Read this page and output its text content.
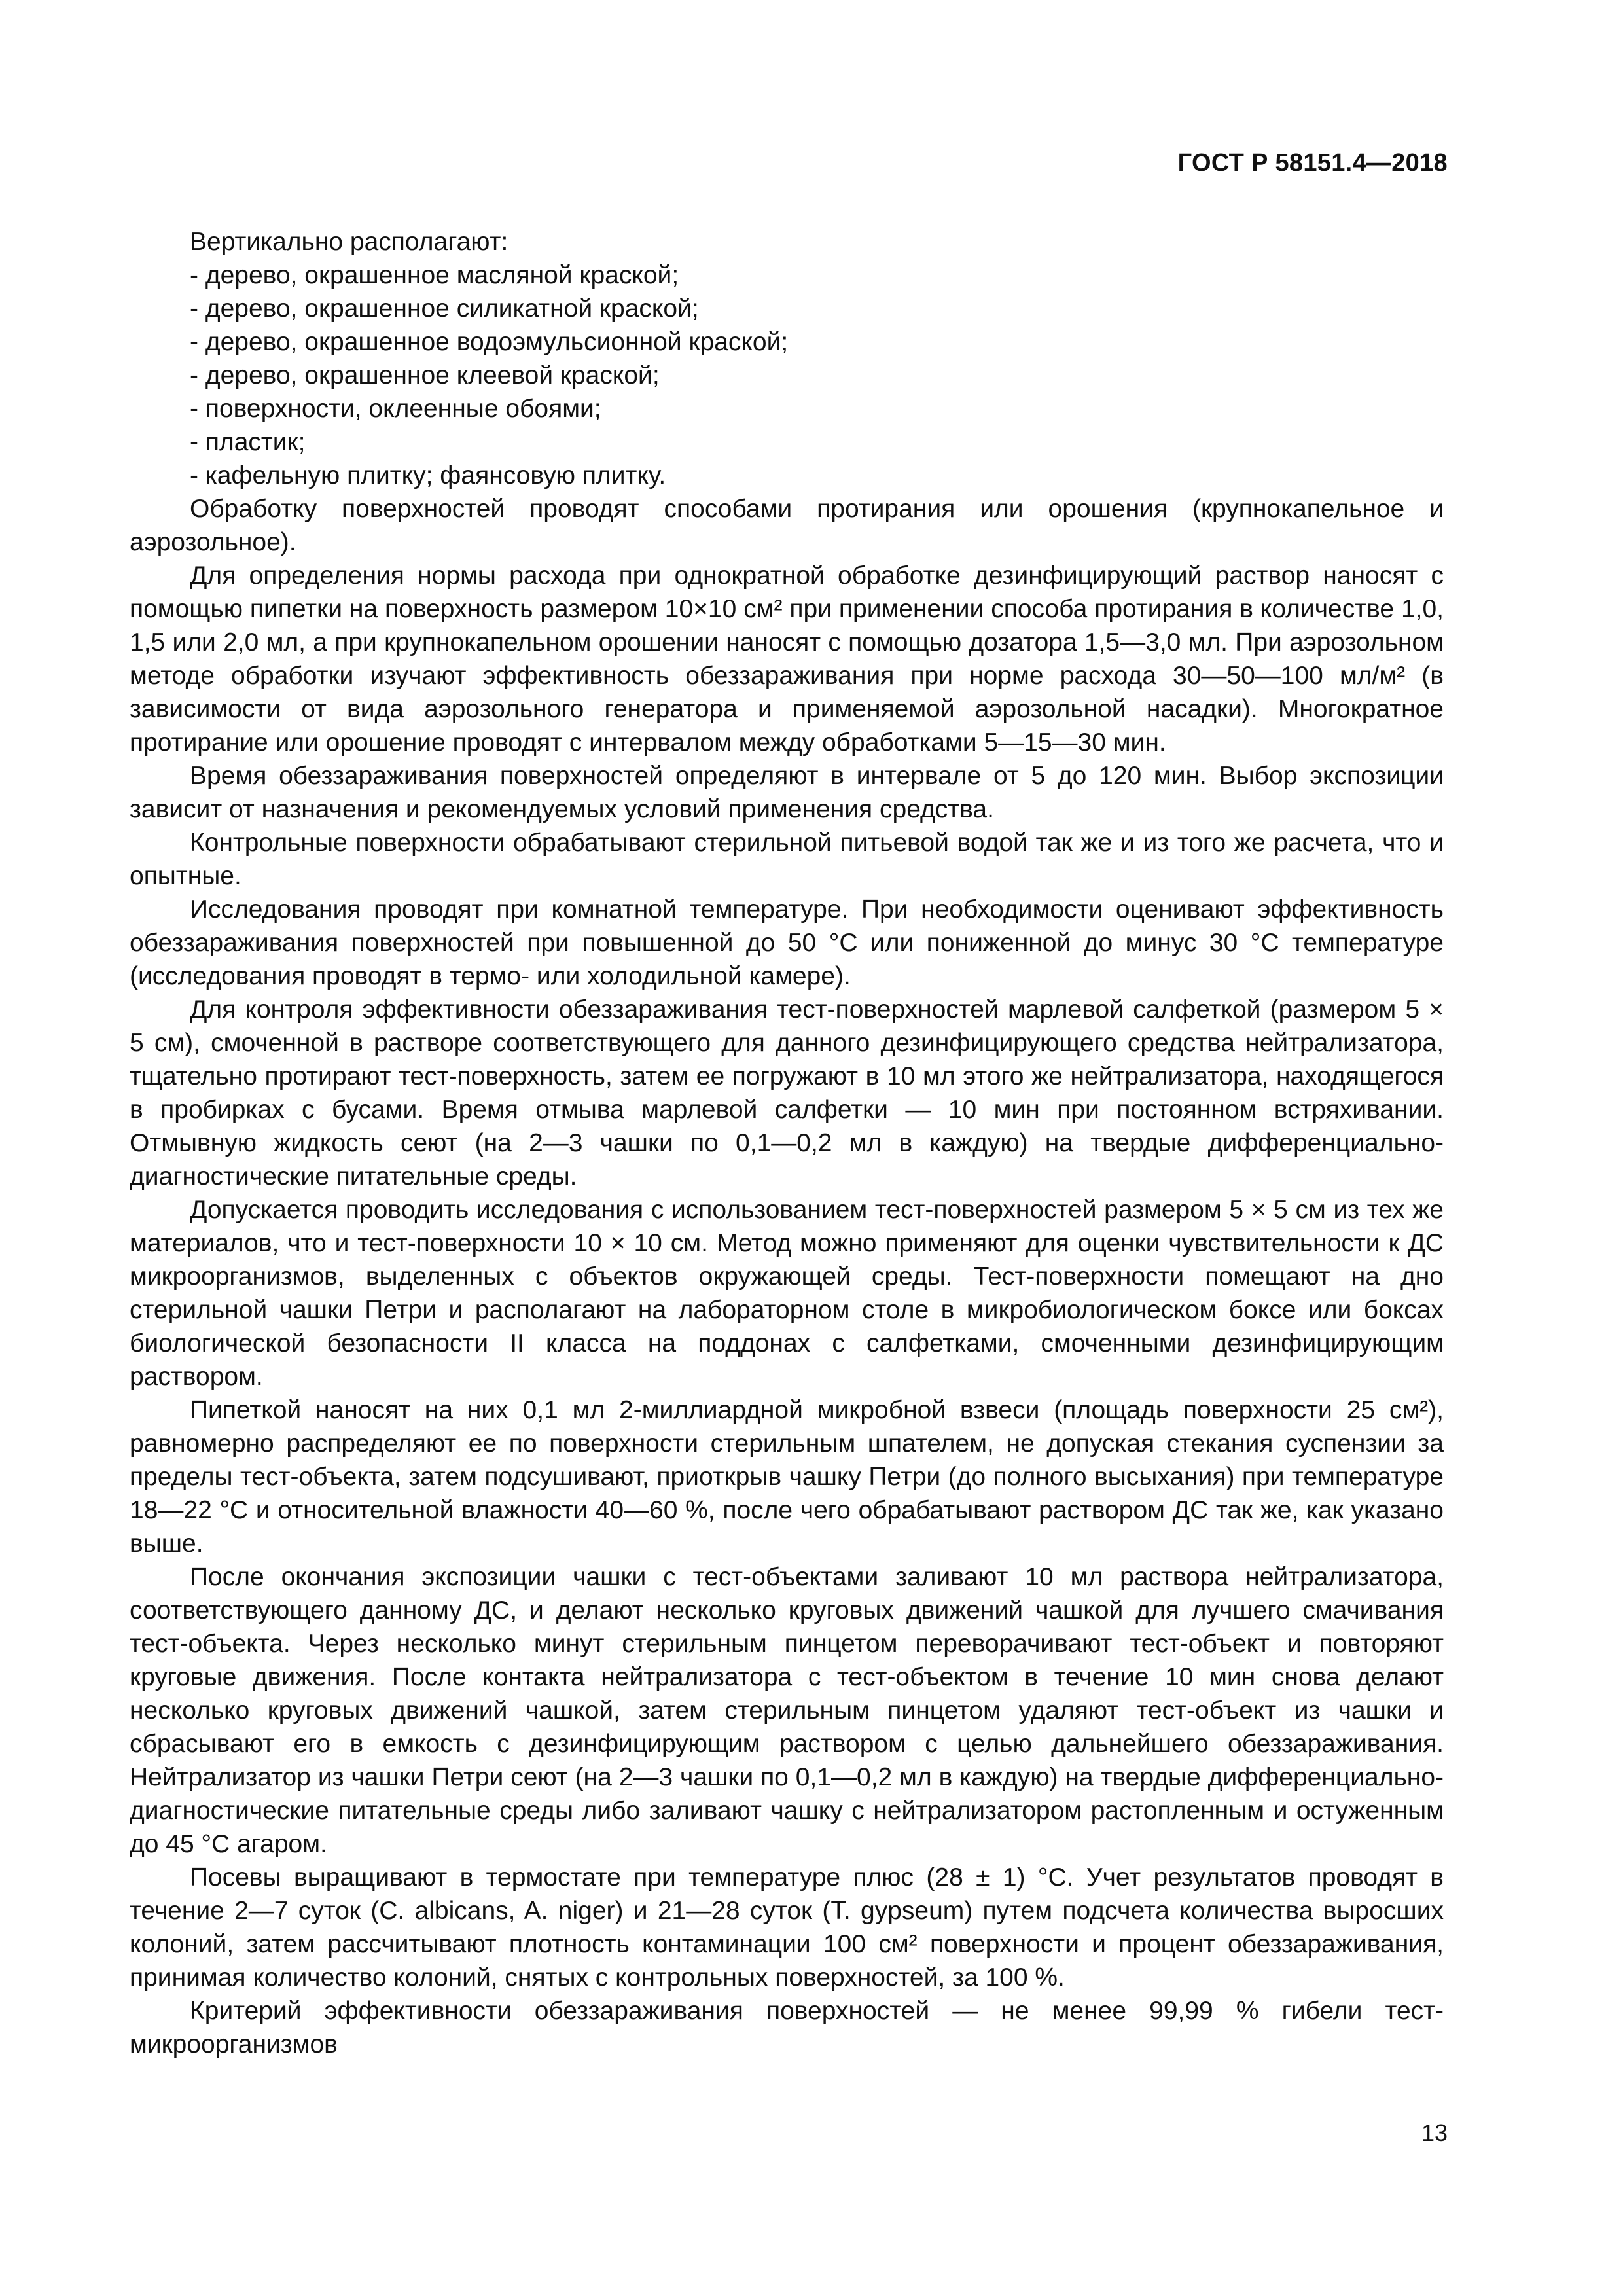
ГОСТ Р 58151.4—2018

Вертикально располагают:

- дерево, окрашенное масляной краской;
- дерево, окрашенное силикатной краской;
- дерево, окрашенное водоэмульсионной краской;
- дерево, окрашенное клеевой краской;
- поверхности, оклеенные обоями;
- пластик;
- кафельную плитку; фаянсовую плитку.

Обработку поверхностей проводят способами протирания или орошения (крупнокапельное и аэрозольное).

Для определения нормы расхода при однократной обработке дезинфицирующий раствор наносят с помощью пипетки на поверхность размером 10×10 см² при применении способа протирания в количестве 1,0, 1,5 или 2,0 мл, а при крупнокапельном орошении наносят с помощью дозатора 1,5—3,0 мл. При аэрозольном методе обработки изучают эффективность обеззараживания при норме расхода 30—50—100 мл/м² (в зависимости от вида аэрозольного генератора и применяемой аэрозольной насадки). Многократное протирание или орошение проводят с интервалом между обработками 5—15—30 мин.

Время обеззараживания поверхностей определяют в интервале от 5 до 120 мин. Выбор экспозиции зависит от назначения и рекомендуемых условий применения средства.

Контрольные поверхности обрабатывают стерильной питьевой водой так же и из того же расчета, что и опытные.

Исследования проводят при комнатной температуре. При необходимости оценивают эффективность обеззараживания поверхностей при повышенной до 50 °С или пониженной до минус 30 °С температуре (исследования проводят в термо- или холодильной камере).

Для контроля эффективности обеззараживания тест-поверхностей марлевой салфеткой (размером 5 × 5 см), смоченной в растворе соответствующего для данного дезинфицирующего средства нейтрализатора, тщательно протирают тест-поверхность, затем ее погружают в 10 мл этого же нейтрализатора, находящегося в пробирках с бусами. Время отмыва марлевой салфетки — 10 мин при постоянном встряхивании. Отмывную жидкость сеют (на 2—3 чашки по 0,1—0,2 мл в каждую) на твердые дифференциально-диагностические питательные среды.

Допускается проводить исследования с использованием тест-поверхностей размером 5 × 5 см из тех же материалов, что и тест-поверхности 10 × 10 см. Метод можно применяют для оценки чувствительности к ДС микроорганизмов, выделенных с объектов окружающей среды. Тест-поверхности помещают на дно стерильной чашки Петри и располагают на лабораторном столе в микробиологическом боксе или боксах биологической безопасности II класса на поддонах с салфетками, смоченными дезинфицирующим раствором.

Пипеткой наносят на них 0,1 мл 2-миллиардной микробной взвеси (площадь поверхности 25 см²), равномерно распределяют ее по поверхности стерильным шпателем, не допуская стекания суспензии за пределы тест-объекта, затем подсушивают, приоткрыв чашку Петри (до полного высыхания) при температуре 18—22 °С и относительной влажности 40—60 %, после чего обрабатывают раствором ДС так же, как указано выше.

После окончания экспозиции чашки с тест-объектами заливают 10 мл раствора нейтрализатора, соответствующего данному ДС, и делают несколько круговых движений чашкой для лучшего смачивания тест-объекта. Через несколько минут стерильным пинцетом переворачивают тест-объект и повторяют круговые движения. После контакта нейтрализатора с тест-объектом в течение 10 мин снова делают несколько круговых движений чашкой, затем стерильным пинцетом удаляют тест-объект из чашки и сбрасывают его в емкость с дезинфицирующим раствором с целью дальнейшего обеззараживания. Нейтрализатор из чашки Петри сеют (на 2—3 чашки по 0,1—0,2 мл в каждую) на твердые дифференциально-диагностические питательные среды либо заливают чашку с нейтрализатором растопленным и остуженным до 45 °С агаром.

Посевы выращивают в термостате при температуре плюс (28 ± 1) °С. Учет результатов проводят в течение 2—7 суток (C. albicans, A. niger) и 21—28 суток (T. gypseum) путем подсчета количества выросших колоний, затем рассчитывают плотность контаминации 100 см² поверхности и процент обеззараживания, принимая количество колоний, снятых с контрольных поверхностей, за 100 %.

Критерий эффективности обеззараживания поверхностей — не менее 99,99 % гибели тест-микроорганизмов

13
